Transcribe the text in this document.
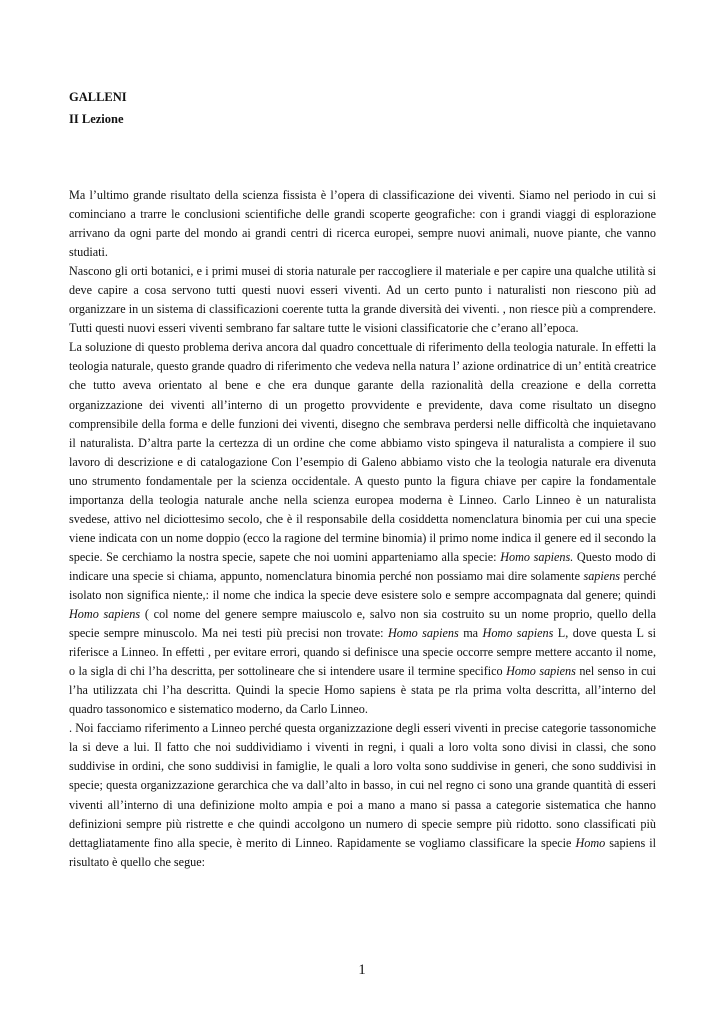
GALLENI
II Lezione

Ma l’ultimo grande risultato della scienza fissista è l’opera di classificazione dei viventi. Siamo nel periodo in cui si cominciano a trarre le conclusioni scientifiche delle grandi scoperte geografiche: con i grandi viaggi di esplorazione arrivano da ogni parte del mondo ai grandi centri di ricerca europei, sempre nuovi animali, nuove piante, che vanno studiati.

Nascono gli orti botanici, e i primi musei di storia naturale per raccogliere il materiale e per capire una qualche utilità si deve capire a cosa servono tutti questi nuovi esseri viventi. Ad un certo punto i naturalisti non riescono più ad organizzare in un sistema di classificazioni coerente tutta la grande diversità dei viventi. , non riesce più a comprendere. Tutti questi nuovi esseri viventi sembrano far saltare tutte le visioni classificatorie che c’erano all’epoca.

La soluzione di questo problema deriva ancora dal quadro concettuale di riferimento della teologia naturale. In effetti la teologia naturale, questo grande quadro di riferimento che vedeva nella natura l’ azione ordinatrice di un’ entità creatrice che tutto aveva orientato al bene e che era dunque garante della razionalità della creazione e della corretta organizzazione dei viventi all’interno di un progetto provvidente e previdente, dava come risultato un disegno comprensibile della forma e delle funzioni dei viventi, disegno che sembrava perdersi nelle difficoltà che inquietavano il naturalista. D’altra parte la certezza di un ordine che come abbiamo visto spingeva il naturalista a compiere il suo lavoro di descrizione e di catalogazione Con l’esempio di Galeno abbiamo visto che la teologia naturale era divenuta uno strumento fondamentale per la scienza occidentale. A questo punto la figura chiave per capire la fondamentale importanza della teologia naturale anche nella scienza europea moderna è Linneo. Carlo Linneo è un naturalista svedese, attivo nel diciottesimo secolo, che è il responsabile della cosiddetta nomenclatura binomia per cui una specie viene indicata con un nome doppio (ecco la ragione del termine binomia) il primo nome indica il genere ed il secondo la specie. Se cerchiamo la nostra specie, sapete che noi uomini apparteniamo alla specie: Homo sapiens. Questo modo di indicare una specie si chiama, appunto, nomenclatura binomia perché non possiamo mai dire solamente sapiens perché isolato non significa niente,: il nome che indica la specie deve esistere solo e sempre accompagnata dal genere; quindi Homo sapiens ( col nome del genere sempre maiuscolo e, salvo non sia costruito su un nome proprio, quello della specie sempre minuscolo. Ma nei testi più precisi non trovate: Homo sapiens ma Homo sapiens L, dove questa L si riferisce a Linneo. In effetti , per evitare errori, quando si definisce una specie occorre sempre mettere accanto il nome, o la sigla di chi l’ha descritta, per sottolineare che si intendere usare il termine specifico Homo sapiens nel senso in cui l’ha utilizzata chi l’ha descritta. Quindi la specie Homo sapiens è stata pe rla prima volta descritta, all’interno del quadro tassonomico e sistematico moderno, da Carlo Linneo.

. Noi facciamo riferimento a Linneo perché questa organizzazione degli esseri viventi in precise categorie tassonomiche la si deve a lui. Il fatto che noi suddividiamo i viventi in regni, i quali a loro volta sono divisi in classi, che sono suddivise in ordini, che sono suddivisi in famiglie, le quali a loro volta sono suddivise in generi, che sono suddivisi in specie; questa organizzazione gerarchica che va dall’alto in basso, in cui nel regno ci sono una grande quantità di esseri viventi all’interno di una definizione molto ampia e poi a mano a mano si passa a categorie sistematica che hanno definizioni sempre più ristrette e che quindi accolgono un numero di specie sempre più ridotto. sono classificati più dettagliatamente fino alla specie, è merito di Linneo. Rapidamente se vogliamo classificare la specie Homo sapiens il risultato è quello che segue:

1
